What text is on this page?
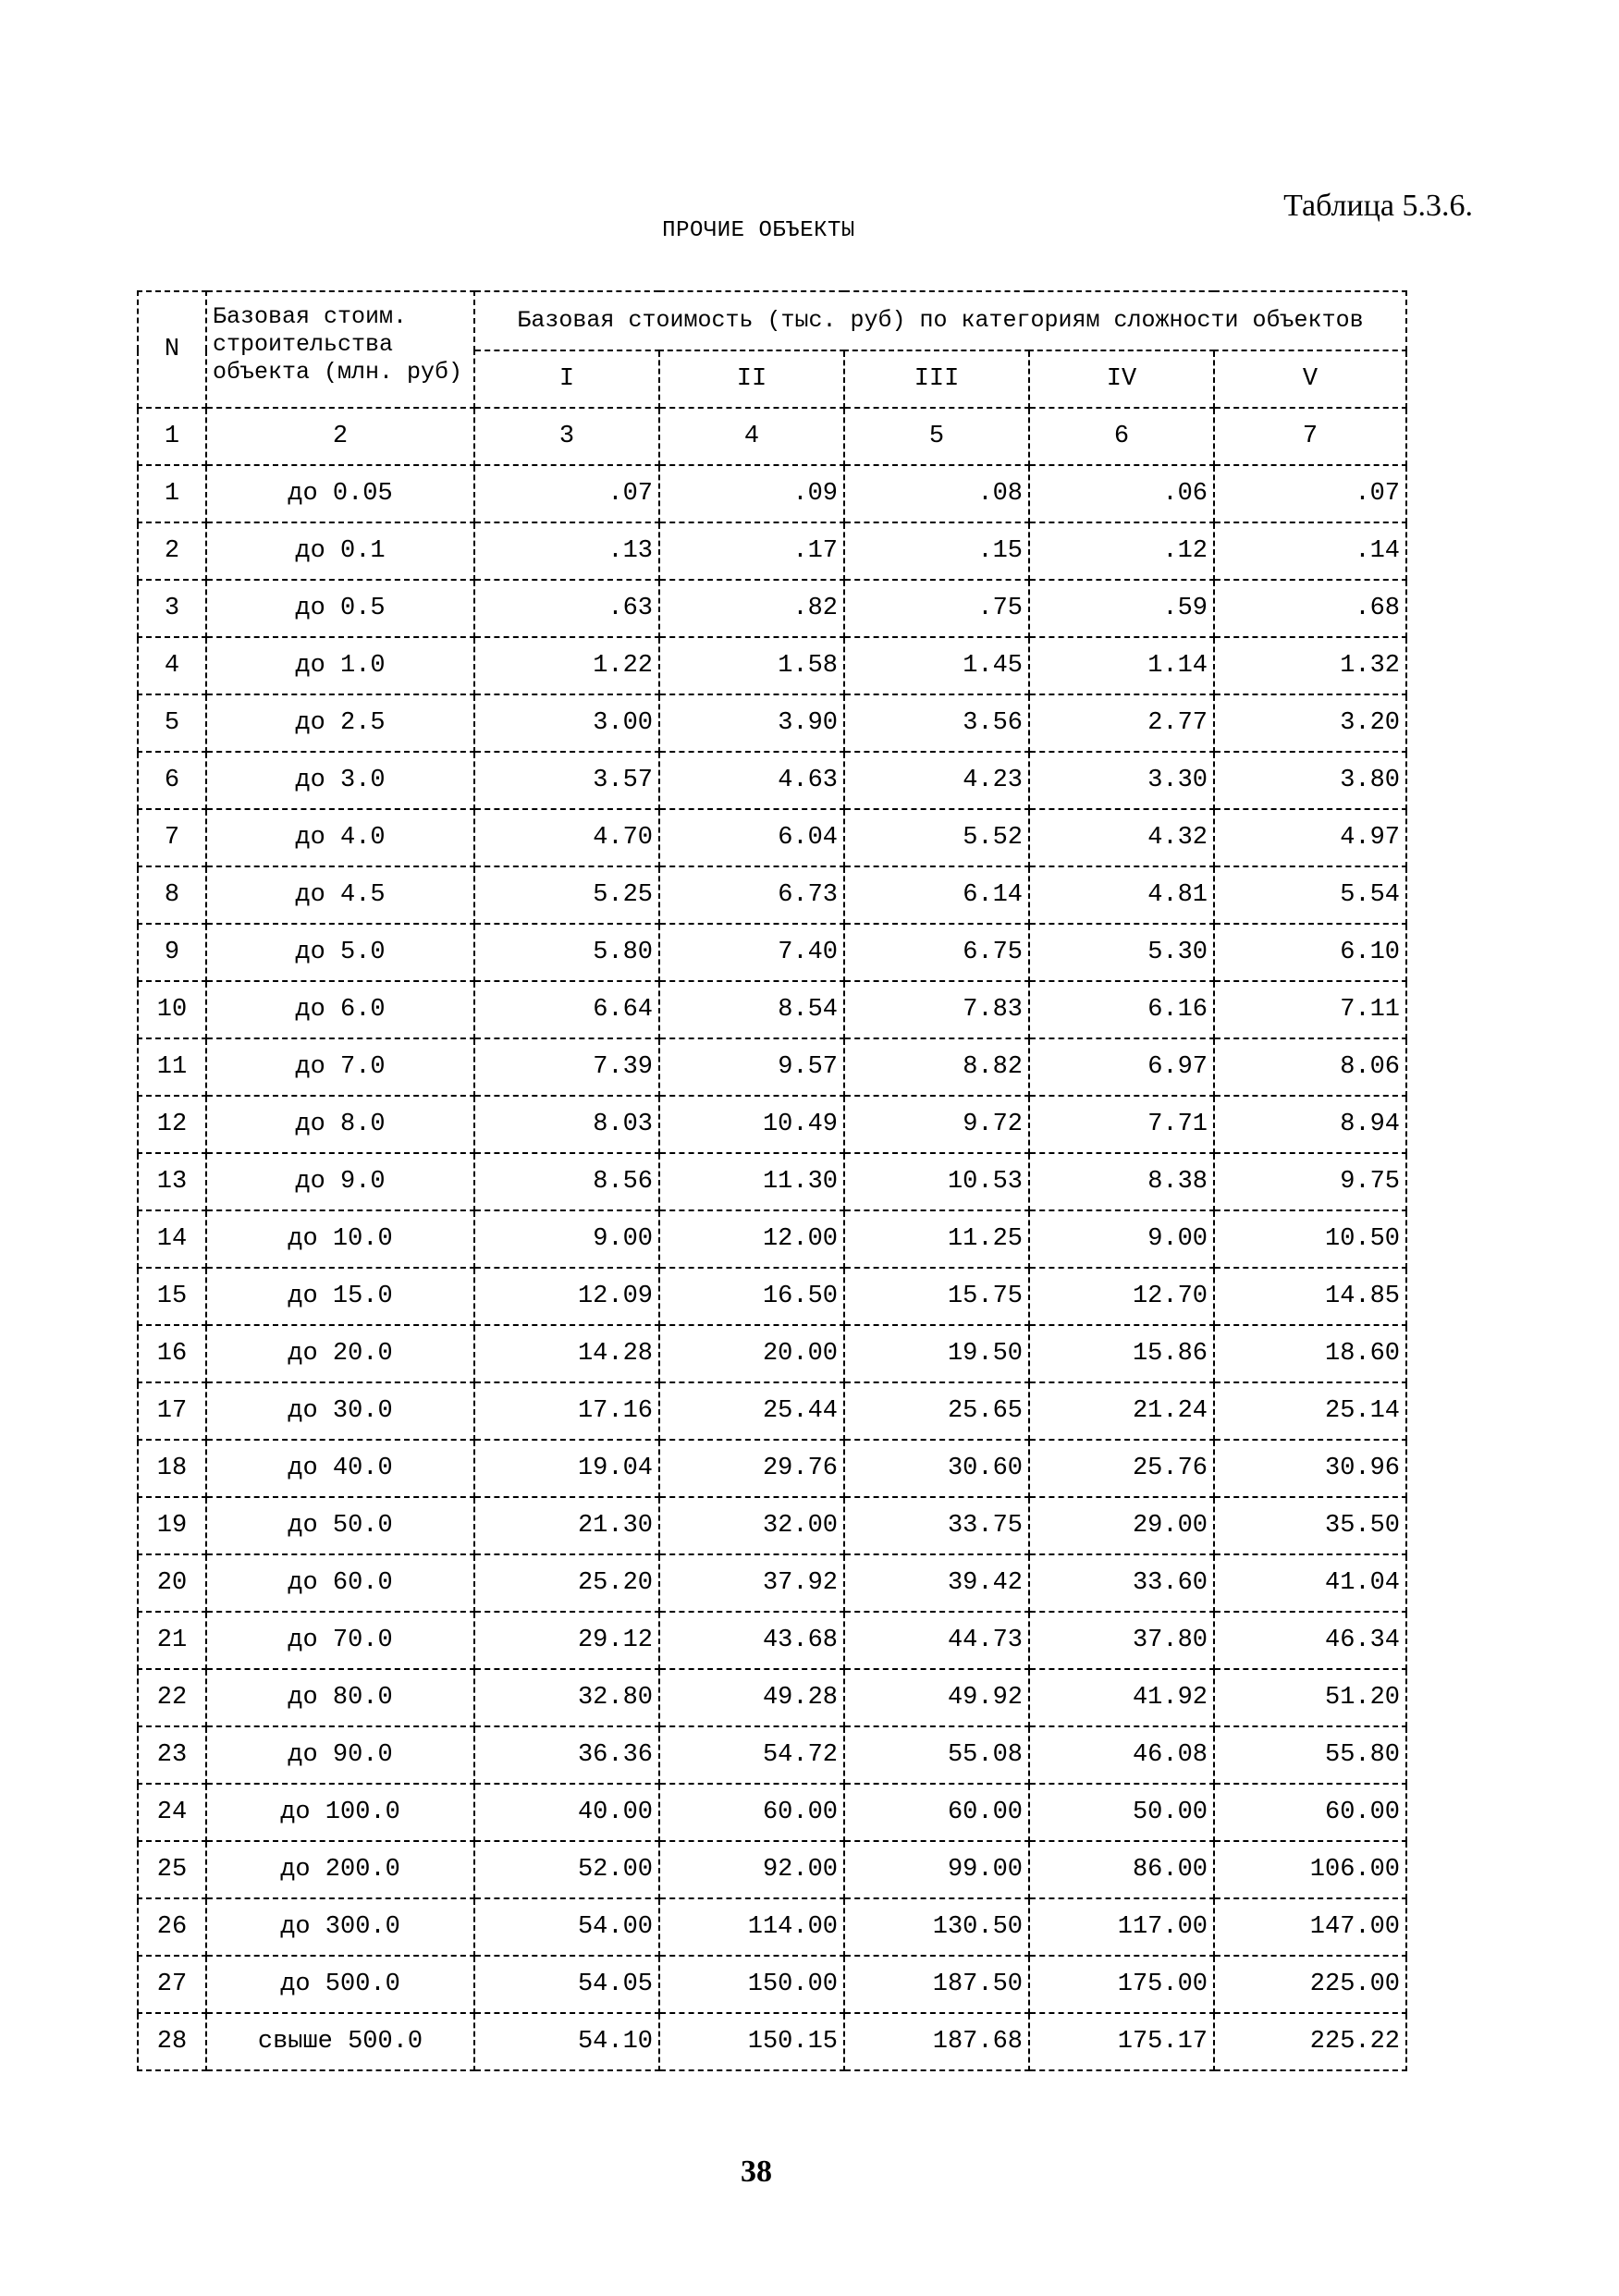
Таблица 5.3.6.
ПРОЧИЕ ОБЪЕКТЫ
N	Базовая стоим. строительства объекта (млн. руб)	Базовая стоимость (тыс. руб) по категориям сложности объектов				
		I	II	III	IV	V
1	2	3	4	5	6	7
1	до 0.05	.07	.09	.08	.06	.07
2	до 0.1	.13	.17	.15	.12	.14
3	до 0.5	.63	.82	.75	.59	.68
4	до 1.0	1.22	1.58	1.45	1.14	1.32
5	до 2.5	3.00	3.90	3.56	2.77	3.20
6	до 3.0	3.57	4.63	4.23	3.30	3.80
7	до 4.0	4.70	6.04	5.52	4.32	4.97
8	до 4.5	5.25	6.73	6.14	4.81	5.54
9	до 5.0	5.80	7.40	6.75	5.30	6.10
10	до 6.0	6.64	8.54	7.83	6.16	7.11
11	до 7.0	7.39	9.57	8.82	6.97	8.06
12	до 8.0	8.03	10.49	9.72	7.71	8.94
13	до 9.0	8.56	11.30	10.53	8.38	9.75
14	до 10.0	9.00	12.00	11.25	9.00	10.50
15	до 15.0	12.09	16.50	15.75	12.70	14.85
16	до 20.0	14.28	20.00	19.50	15.86	18.60
17	до 30.0	17.16	25.44	25.65	21.24	25.14
18	до 40.0	19.04	29.76	30.60	25.76	30.96
19	до 50.0	21.30	32.00	33.75	29.00	35.50
20	до 60.0	25.20	37.92	39.42	33.60	41.04
21	до 70.0	29.12	43.68	44.73	37.80	46.34
22	до 80.0	32.80	49.28	49.92	41.92	51.20
23	до 90.0	36.36	54.72	55.08	46.08	55.80
24	до 100.0	40.00	60.00	60.00	50.00	60.00
25	до 200.0	52.00	92.00	99.00	86.00	106.00
26	до 300.0	54.00	114.00	130.50	117.00	147.00
27	до 500.0	54.05	150.00	187.50	175.00	225.00
28	свыше 500.0	54.10	150.15	187.68	175.17	225.22
38
